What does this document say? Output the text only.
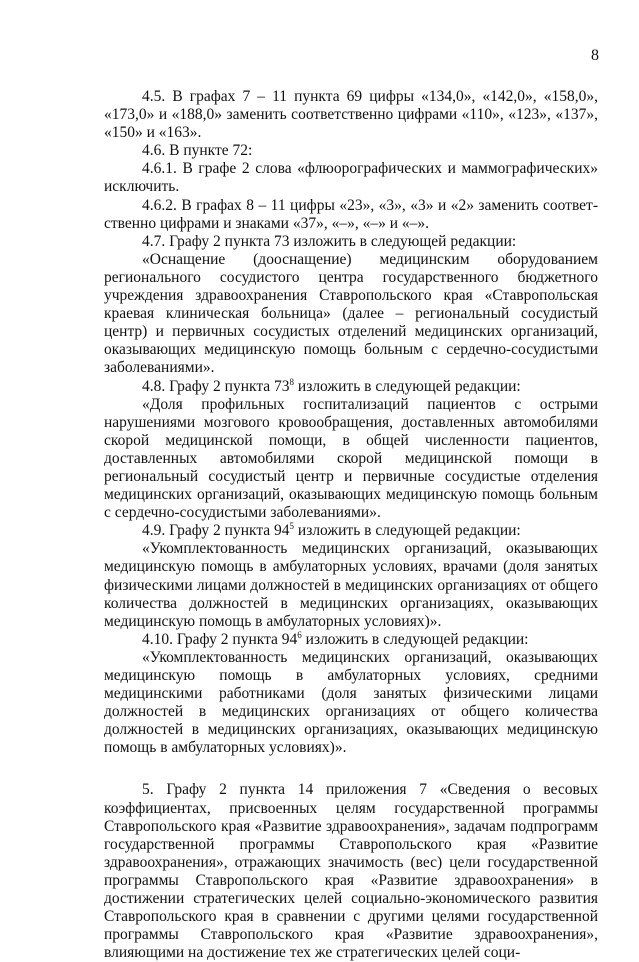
8

4.5. В графах 7 – 11 пункта 69 цифры «134,0», «142,0», «158,0», «173,0» и «188,0» заменить соответственно цифрами «110», «123», «137», «150» и «163».

4.6. В пункте 72:

4.6.1. В графе 2 слова «флюорографических и маммографических» исключить.

4.6.2. В графах 8 – 11 цифры «23», «3», «3» и «2» заменить соответственно цифрами и знаками «37», «–», «–» и «–».

4.7. Графу 2 пункта 73 изложить в следующей редакции:

«Оснащение (дооснащение) медицинским оборудованием регионального сосудистого центра государственного бюджетного учреждения здравоохранения Ставропольского края «Ставропольская краевая клиническая больница» (далее – региональный сосудистый центр) и первичных сосудистых отделений медицинских организаций, оказывающих медицинскую помощь больным с сердечно-сосудистыми заболеваниями».

4.8. Графу 2 пункта $73^8$ изложить в следующей редакции:

«Доля профильных госпитализаций пациентов с острыми нарушениями мозгового кровообращения, доставленных автомобилями скорой медицинской помощи, в общей численности пациентов, доставленных автомобилями скорой медицинской помощи в региональный сосудистый центр и первичные сосудистые отделения медицинских организаций, оказывающих медицинскую помощь больным с сердечно-сосудистыми заболеваниями».

4.9. Графу 2 пункта $94^5$ изложить в следующей редакции:

«Укомплектованность медицинских организаций, оказывающих медицинскую помощь в амбулаторных условиях, врачами (доля занятых физическими лицами должностей в медицинских организациях от общего количества должностей в медицинских организациях, оказывающих медицинскую помощь в амбулаторных условиях)».

4.10. Графу 2 пункта $94^6$ изложить в следующей редакции:

«Укомплектованность медицинских организаций, оказывающих медицинскую помощь в амбулаторных условиях, средними медицинскими работниками (доля занятых физическими лицами должностей в медицинских организациях от общего количества должностей в медицинских организациях, оказывающих медицинскую помощь в амбулаторных условиях)».

5. Графу 2 пункта 14 приложения 7 «Сведения о весовых коэффициентах, присвоенных целям государственной программы Ставропольского края «Развитие здравоохранения», задачам подпрограмм государственной программы Ставропольского края «Развитие здравоохранения», отражающих значимость (вес) цели государственной программы Ставропольского края «Развитие здравоохранения» в достижении стратегических целей социально-экономического развития Ставропольского края в сравнении с другими целями государственной программы Ставропольского края «Развитие здравоохранения», влияющими на достижение тех же стратегических целей соци-
